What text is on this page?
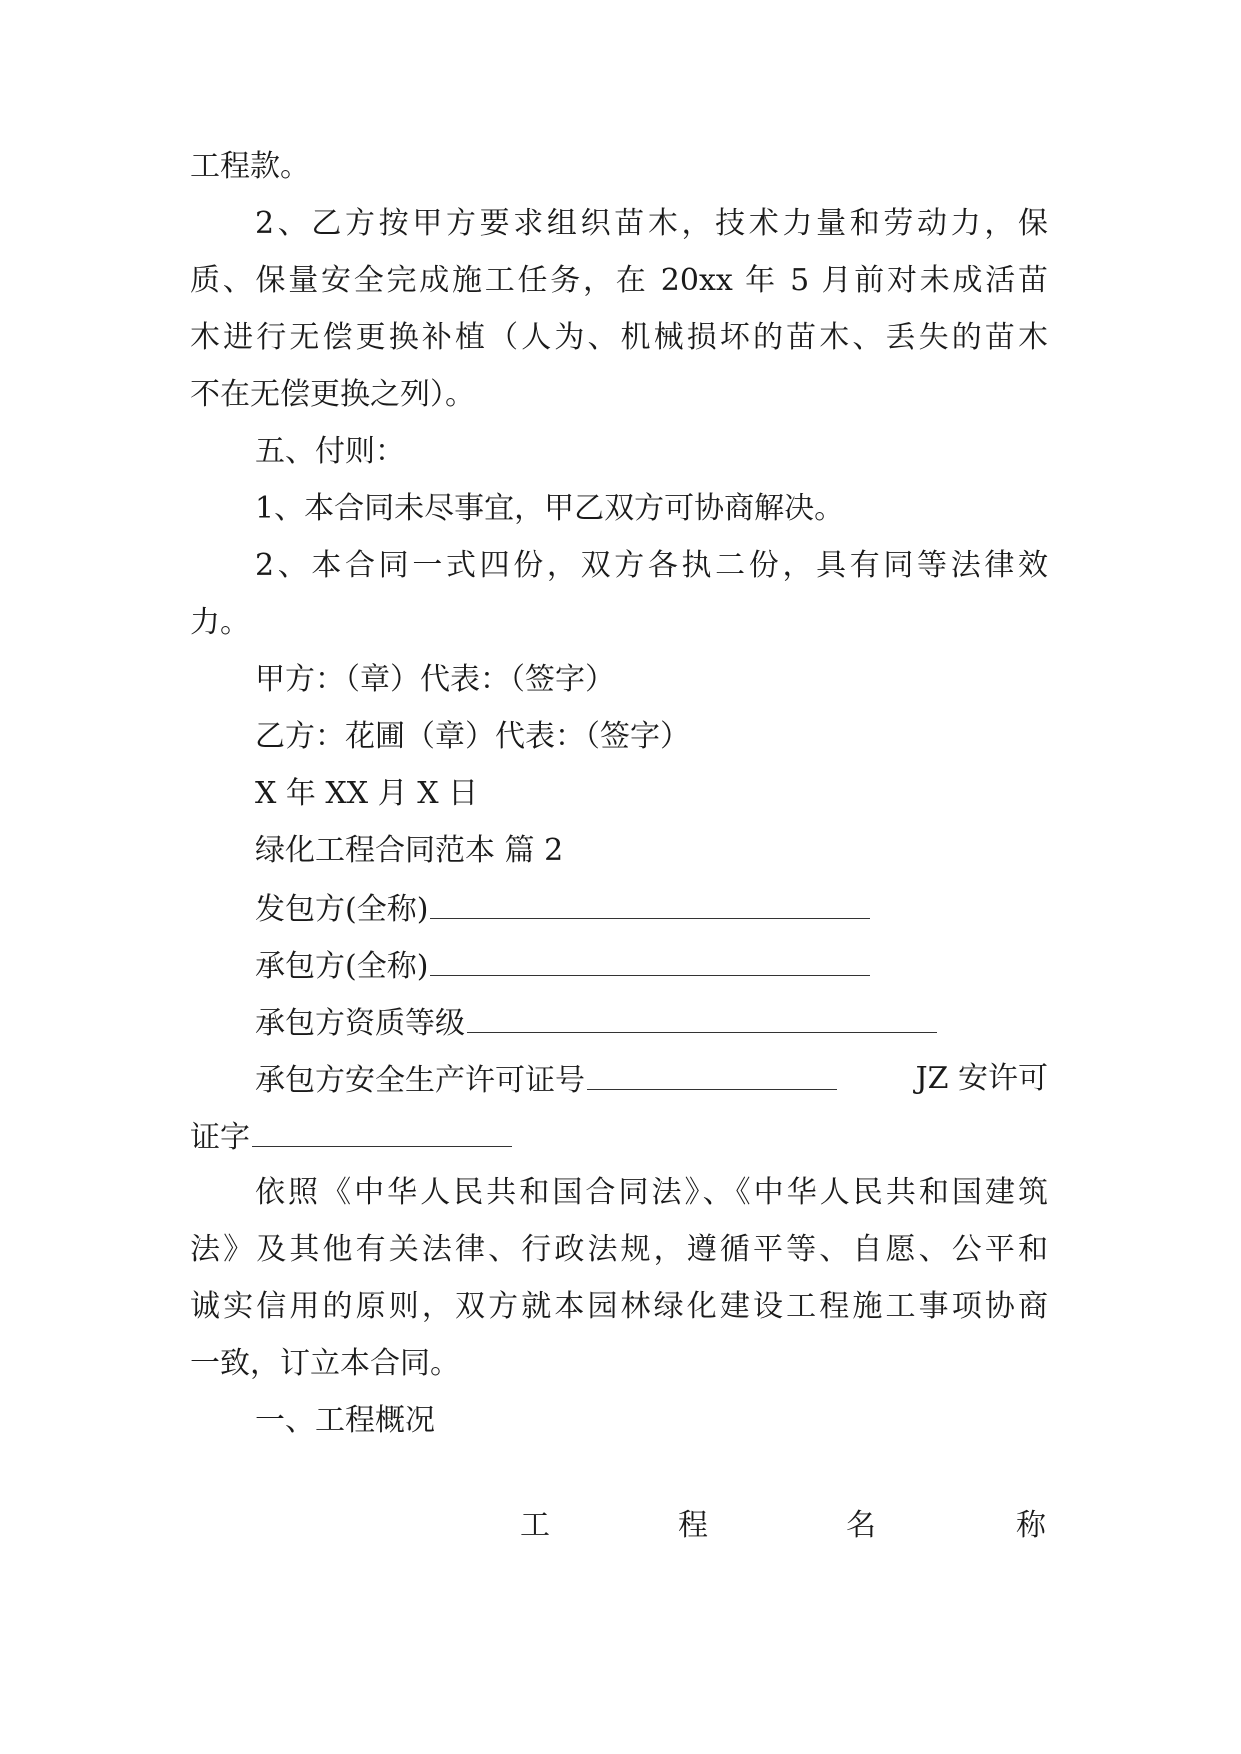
工程款。
2、乙方按甲方要求组织苗木，技术力量和劳动力，保
质、保量安全完成施工任务，在 20xx 年 5 月前对未成活苗
木进行无偿更换补植（人为、机械损坏的苗木、丢失的苗木
不在无偿更换之列）。
五、付则：
1、本合同未尽事宜，甲乙双方可协商解决。
2、本合同一式四份，双方各执二份，具有同等法律效
力。
甲方：（章）代表：（签字）
乙方：花圃（章）代表：（签字）
X 年 XX 月 X 日
绿化工程合同范本 篇 2
发包方(全称)
承包方(全称)
承包方资质等级
承包方安全生产许可证号	JZ 安许可
证字
依照《中华人民共和国合同法》、《中华人民共和国建筑
法》及其他有关法律、行政法规，遵循平等、自愿、公平和
诚实信用的原则，双方就本园林绿化建设工程施工事项协商
一致，订立本合同。
一、工程概况
工	程	名	称
